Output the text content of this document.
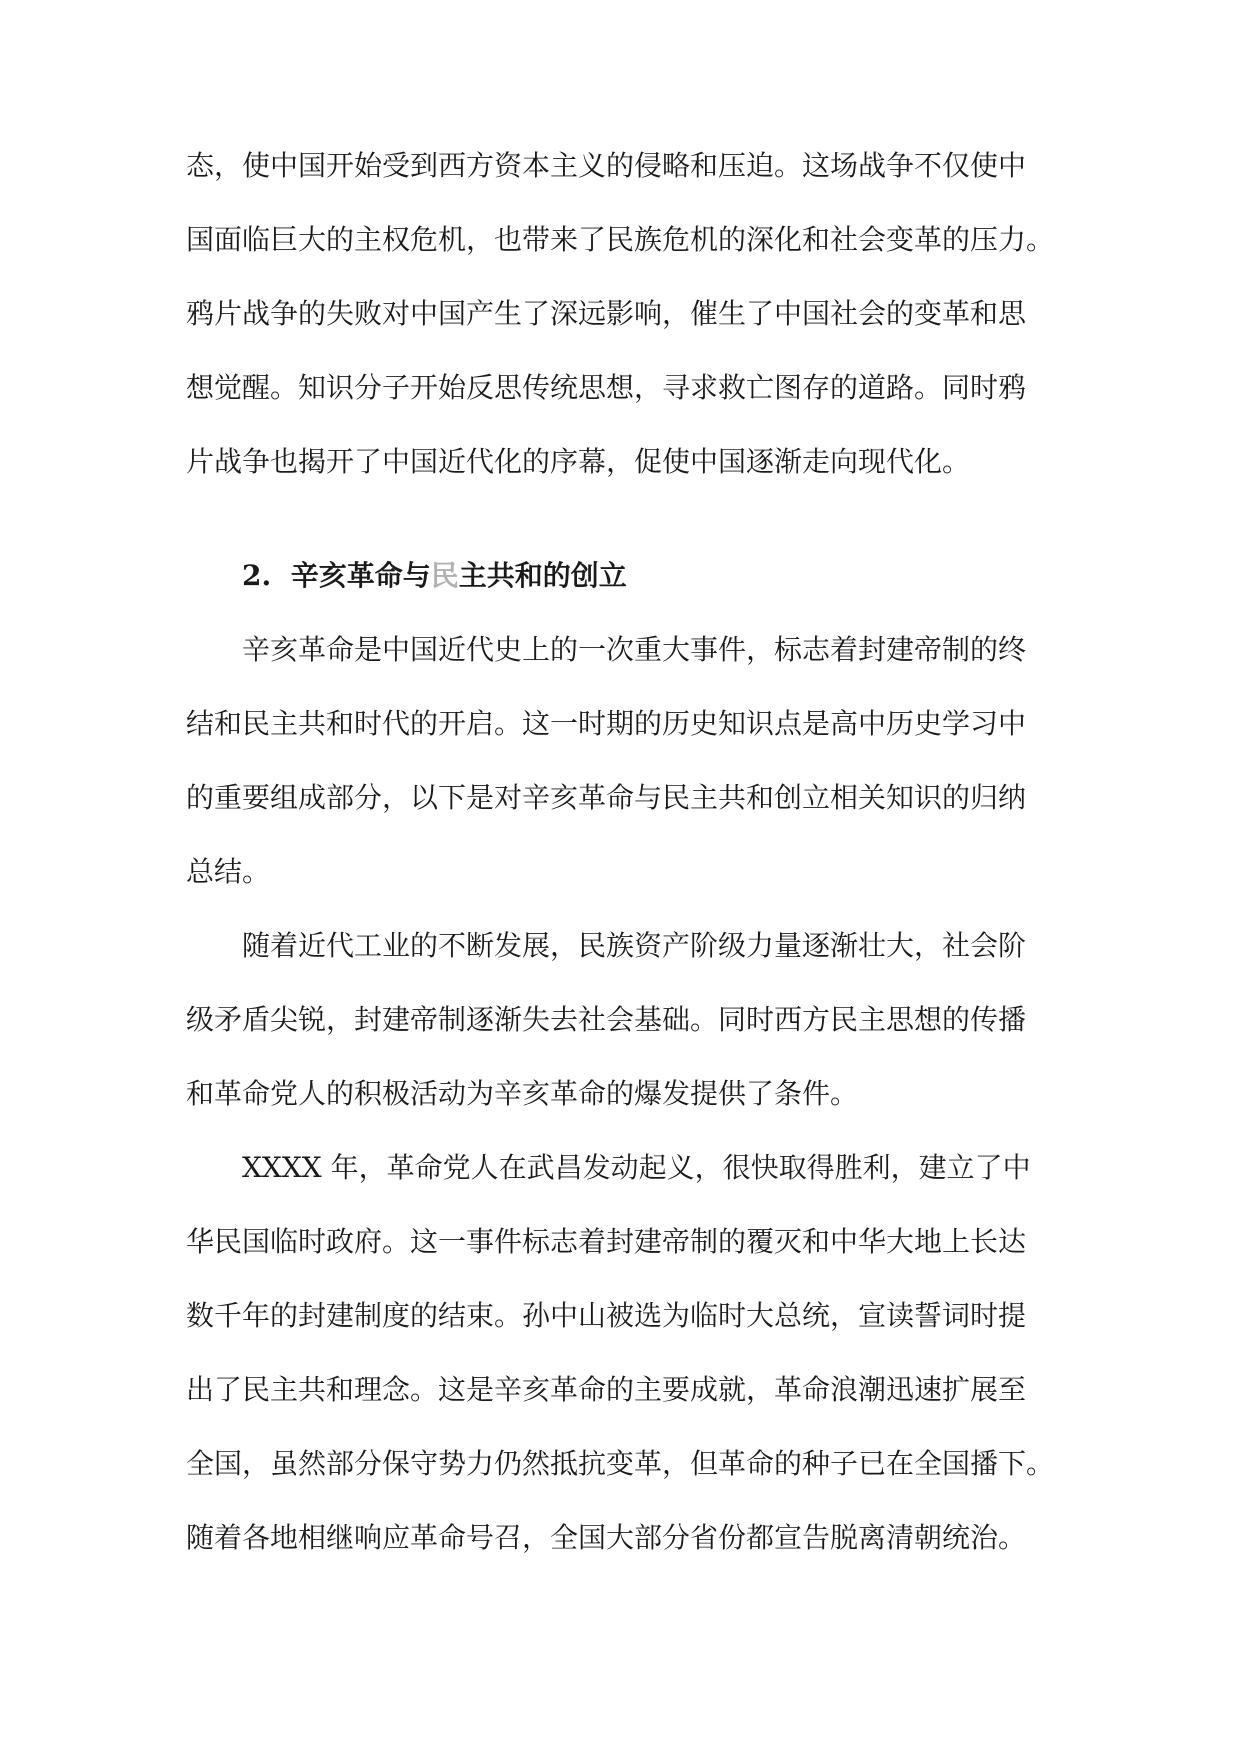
态，使中国开始受到西方资本主义的侵略和压迫。这场战争不仅使中

国面临巨大的主权危机，也带来了民族危机的深化和社会变革的压力。

鸦片战争的失败对中国产生了深远影响，催生了中国社会的变革和思

想觉醒。知识分子开始反思传统思想，寻求救亡图存的道路。同时鸦

片战争也揭开了中国近代化的序幕，促使中国逐渐走向现代化。

2. 辛亥革命与民主共和的创立

辛亥革命是中国近代史上的一次重大事件，标志着封建帝制的终

结和民主共和时代的开启。这一时期的历史知识点是高中历史学习中

的重要组成部分，以下是对辛亥革命与民主共和创立相关知识的归纳

总结。

随着近代工业的不断发展，民族资产阶级力量逐渐壮大，社会阶

级矛盾尖锐，封建帝制逐渐失去社会基础。同时西方民主思想的传播

和革命党人的积极活动为辛亥革命的爆发提供了条件。

XXXX 年，革命党人在武昌发动起义，很快取得胜利，建立了中

华民国临时政府。这一事件标志着封建帝制的覆灭和中华大地上长达

数千年的封建制度的结束。孙中山被选为临时大总统，宣读誓词时提

出了民主共和理念。这是辛亥革命的主要成就，革命浪潮迅速扩展至

全国，虽然部分保守势力仍然抵抗变革，但革命的种子已在全国播下。

随着各地相继响应革命号召，全国大部分省份都宣告脱离清朝统治。
